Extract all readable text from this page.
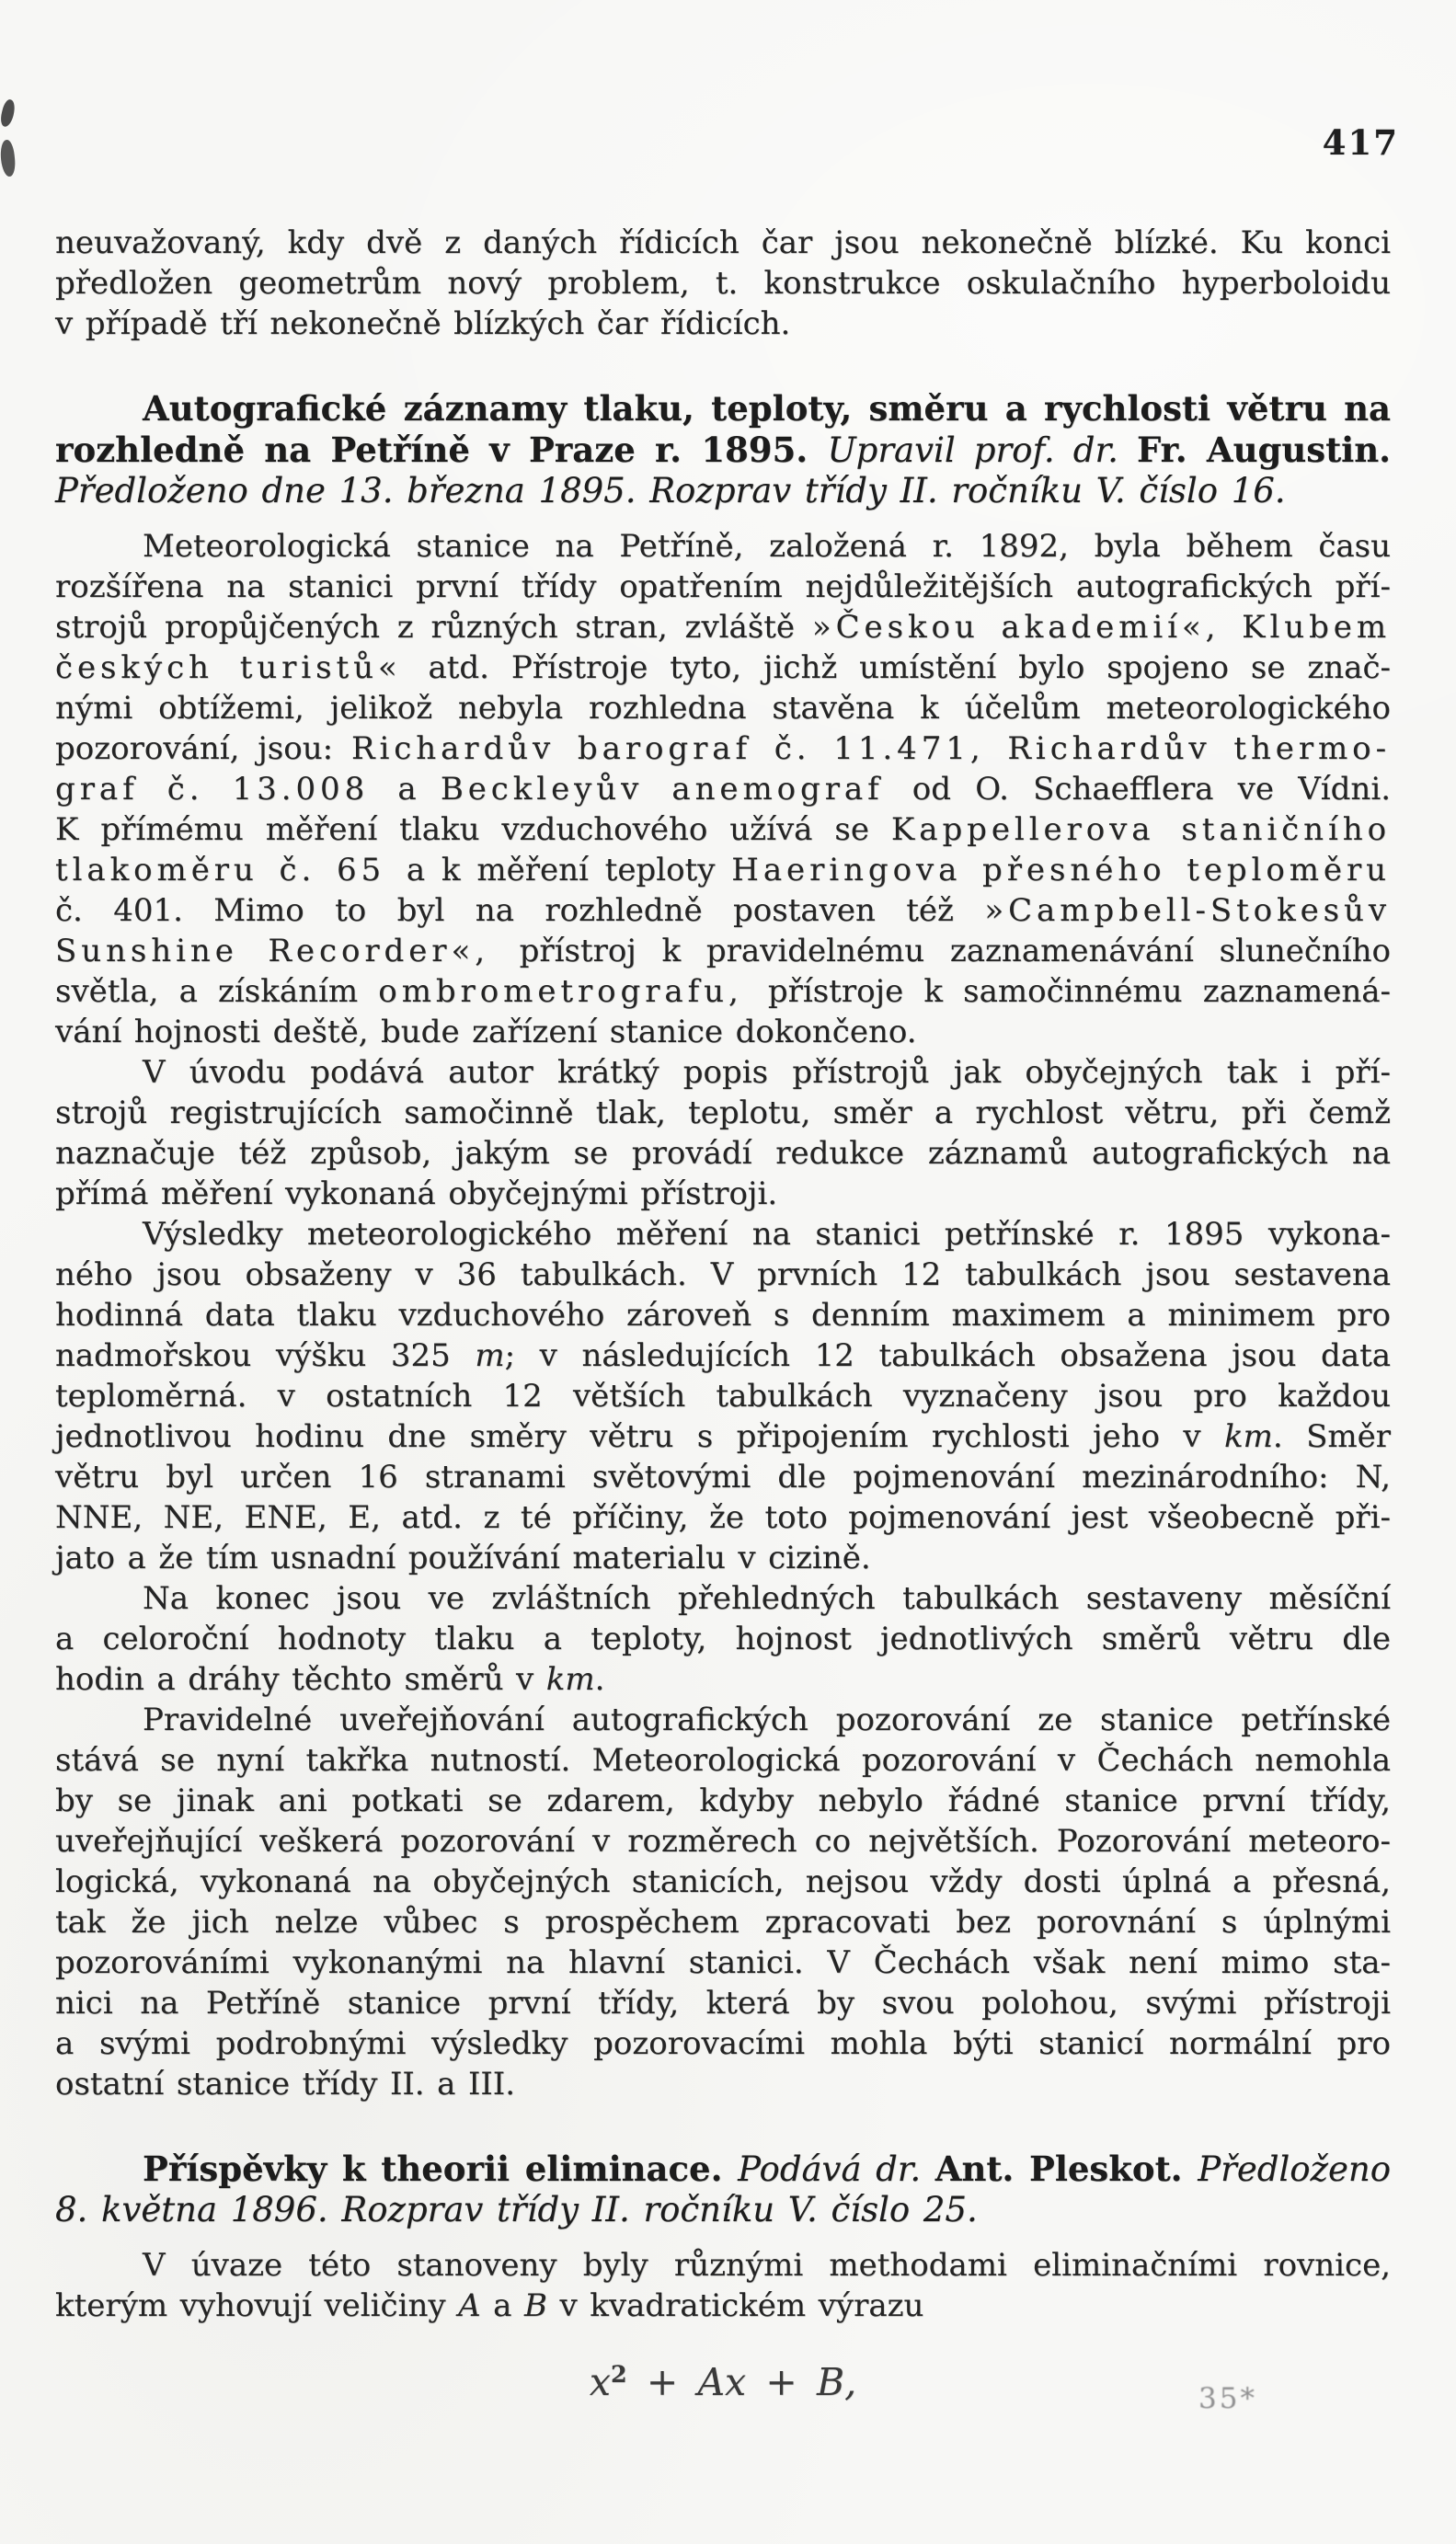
417

neuvažovaný, kdy dvě z daných řídicích čar jsou nekonečně blízké. Ku konci
předložen geometrům nový problem, t. konstrukce oskulačního hyperboloidu
v případě tří nekonečně blízkých čar řídicích.

Autografické záznamy tlaku, teploty, směru a rychlosti větru na
rozhledně na Petříně v Praze r. 1895. Upravil prof. dr. Fr. Augustin.
Předloženo dne 13. března 1895. Rozprav třídy II. ročníku V. číslo 16.

Meteorologická stanice na Petříně, založená r. 1892, byla během času
rozšířena na stanici první třídy opatřením nejdůležitějších autografických pří-
strojů propůjčených z různých stran, zvláště »Českou akademií«, Klubem
českých turistů« atd. Přístroje tyto, jichž umístění bylo spojeno se znač-
nými obtížemi, jelikož nebyla rozhledna stavěna k účelům meteorologického
pozorování, jsou: Richardův barograf č. 11.471, Richardův thermo-
graf č. 13.008 a Beckleyův anemograf od O. Schaefflera ve Vídni.
K přímému měření tlaku vzduchového užívá se Kappellerova staničního
tlakoměru č. 65 a k měření teploty Haeringova přesného teploměru
č. 401. Mimo to byl na rozhledně postaven též »Campbell-Stokesův
Sunshine Recorder«, přístroj k pravidelnému zaznamenávání slunečního
světla, a získáním ombrometrografu, přístroje k samočinnému zaznamená-
vání hojnosti deště, bude zařízení stanice dokončeno.

V úvodu podává autor krátký popis přístrojů jak obyčejných tak i pří-
strojů registrujících samočinně tlak, teplotu, směr a rychlost větru, při čemž
naznačuje též způsob, jakým se provádí redukce záznamů autografických na
přímá měření vykonaná obyčejnými přístroji.

Výsledky meteorologického měření na stanici petřínské r. 1895 vykona-
ného jsou obsaženy v 36 tabulkách. V prvních 12 tabulkách jsou sestavena
hodinná data tlaku vzduchového zároveň s denním maximem a minimem pro
nadmořskou výšku 325 m; v následujících 12 tabulkách obsažena jsou data
teploměrná. v ostatních 12 větších tabulkách vyznačeny jsou pro každou
jednotlivou hodinu dne směry větru s připojením rychlosti jeho v km. Směr
větru byl určen 16 stranami světovými dle pojmenování mezinárodního: N,
NNE, NE, ENE, E, atd. z té příčiny, že toto pojmenování jest všeobecně při-
jato a že tím usnadní používání materialu v cizině.

Na konec jsou ve zvláštních přehledných tabulkách sestaveny měsíční
a celoroční hodnoty tlaku a teploty, hojnost jednotlivých směrů větru dle
hodin a dráhy těchto směrů v km.

Pravidelné uveřejňování autografických pozorování ze stanice petřínské
stává se nyní takřka nutností. Meteorologická pozorování v Čechách nemohla
by se jinak ani potkati se zdarem, kdyby nebylo řádné stanice první třídy,
uveřejňující veškerá pozorování v rozměrech co největších. Pozorování meteoro-
logická, vykonaná na obyčejných stanicích, nejsou vždy dosti úplná a přesná,
tak že jich nelze vůbec s prospěchem zpracovati bez porovnání s úplnými
pozorováními vykonanými na hlavní stanici. V Čechách však není mimo sta-
nici na Petříně stanice první třídy, která by svou polohou, svými přístroji
a svými podrobnými výsledky pozorovacími mohla býti stanicí normální pro
ostatní stanice třídy II. a III.

Příspěvky k theorii eliminace. Podává dr. Ant. Pleskot. Předloženo
8. května 1896. Rozprav třídy II. ročníku V. číslo 25.

V úvaze této stanoveny byly různými methodami eliminačními rovnice,
kterým vyhovují veličiny A a B v kvadratickém výrazu

$x^2 + Ax + B$,	35*
